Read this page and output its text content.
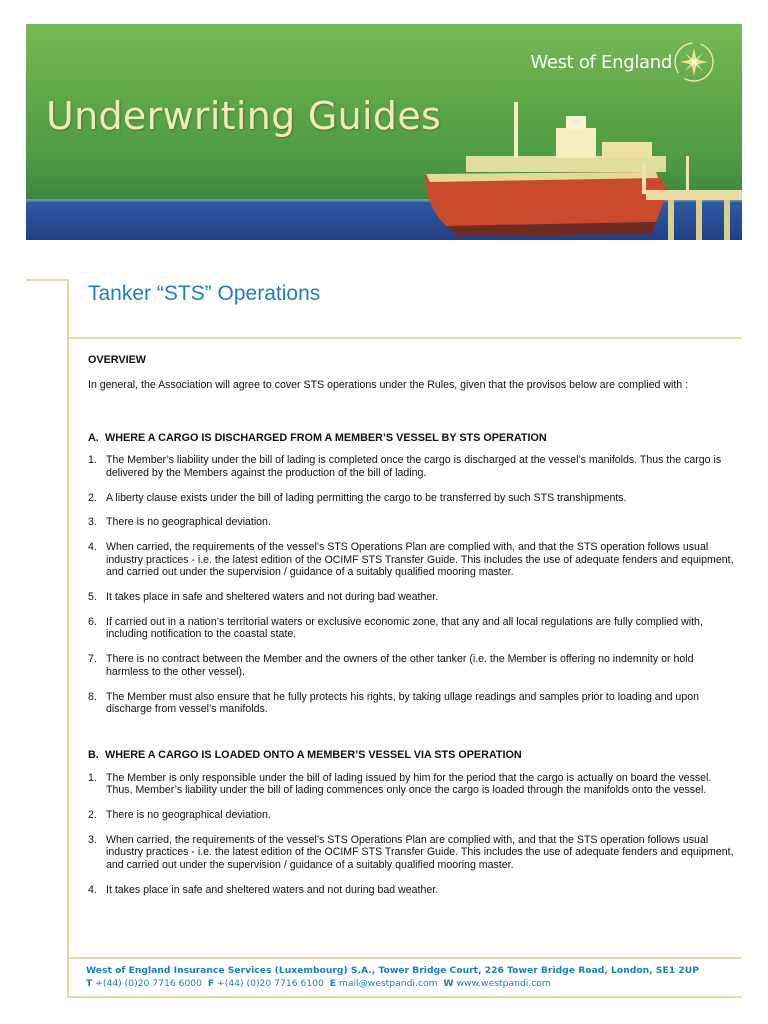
Underwriting Guides
West of England
Tanker “STS” Operations
OVERVIEW
In general, the Association will agree to cover STS operations under the Rules, given that the provisos below are complied with :
A. WHERE A CARGO IS DISCHARGED FROM A MEMBER’S VESSEL BY STS OPERATION
1. The Member’s liability under the bill of lading is completed once the cargo is discharged at the vessel’s manifolds. Thus the cargo is delivered by the Members against the production of the bill of lading.
2. A liberty clause exists under the bill of lading permitting the cargo to be transferred by such STS transhipments.
3. There is no geographical deviation.
4. When carried, the requirements of the vessel’s STS Operations Plan are complied with, and that the STS operation follows usual industry practices - i.e. the latest edition of the OCIMF STS Transfer Guide. This includes the use of adequate fenders and equipment, and carried out under the supervision / guidance of a suitably qualified mooring master.
5. It takes place in safe and sheltered waters and not during bad weather.
6. If carried out in a nation’s territorial waters or exclusive economic zone, that any and all local regulations are fully complied with, including notification to the coastal state.
7. There is no contract between the Member and the owners of the other tanker (i.e. the Member is offering no indemnity or hold harmless to the other vessel).
8. The Member must also ensure that he fully protects his rights, by taking ullage readings and samples prior to loading and upon discharge from vessel’s manifolds.
B. WHERE A CARGO IS LOADED ONTO A MEMBER’S VESSEL VIA STS OPERATION
1. The Member is only responsible under the bill of lading issued by him for the period that the cargo is actually on board the vessel. Thus, Member’s liability under the bill of lading commences only once the cargo is loaded through the manifolds onto the vessel.
2. There is no geographical deviation.
3. When carried, the requirements of the vessel’s STS Operations Plan are complied with, and that the STS operation follows usual industry practices - i.e. the latest edition of the OCIMF STS Transfer Guide. This includes the use of adequate fenders and equipment, and carried out under the supervision / guidance of a suitably qualified mooring master.
4. It takes place in safe and sheltered waters and not during bad weather.
West of England Insurance Services (Luxembourg) S.A., Tower Bridge Court, 226 Tower Bridge Road, London, SE1 2UP
T +(44) (0)20 7716 6000 F +(44) (0)20 7716 6100 E mail@westpandi.com W www.westpandi.com
